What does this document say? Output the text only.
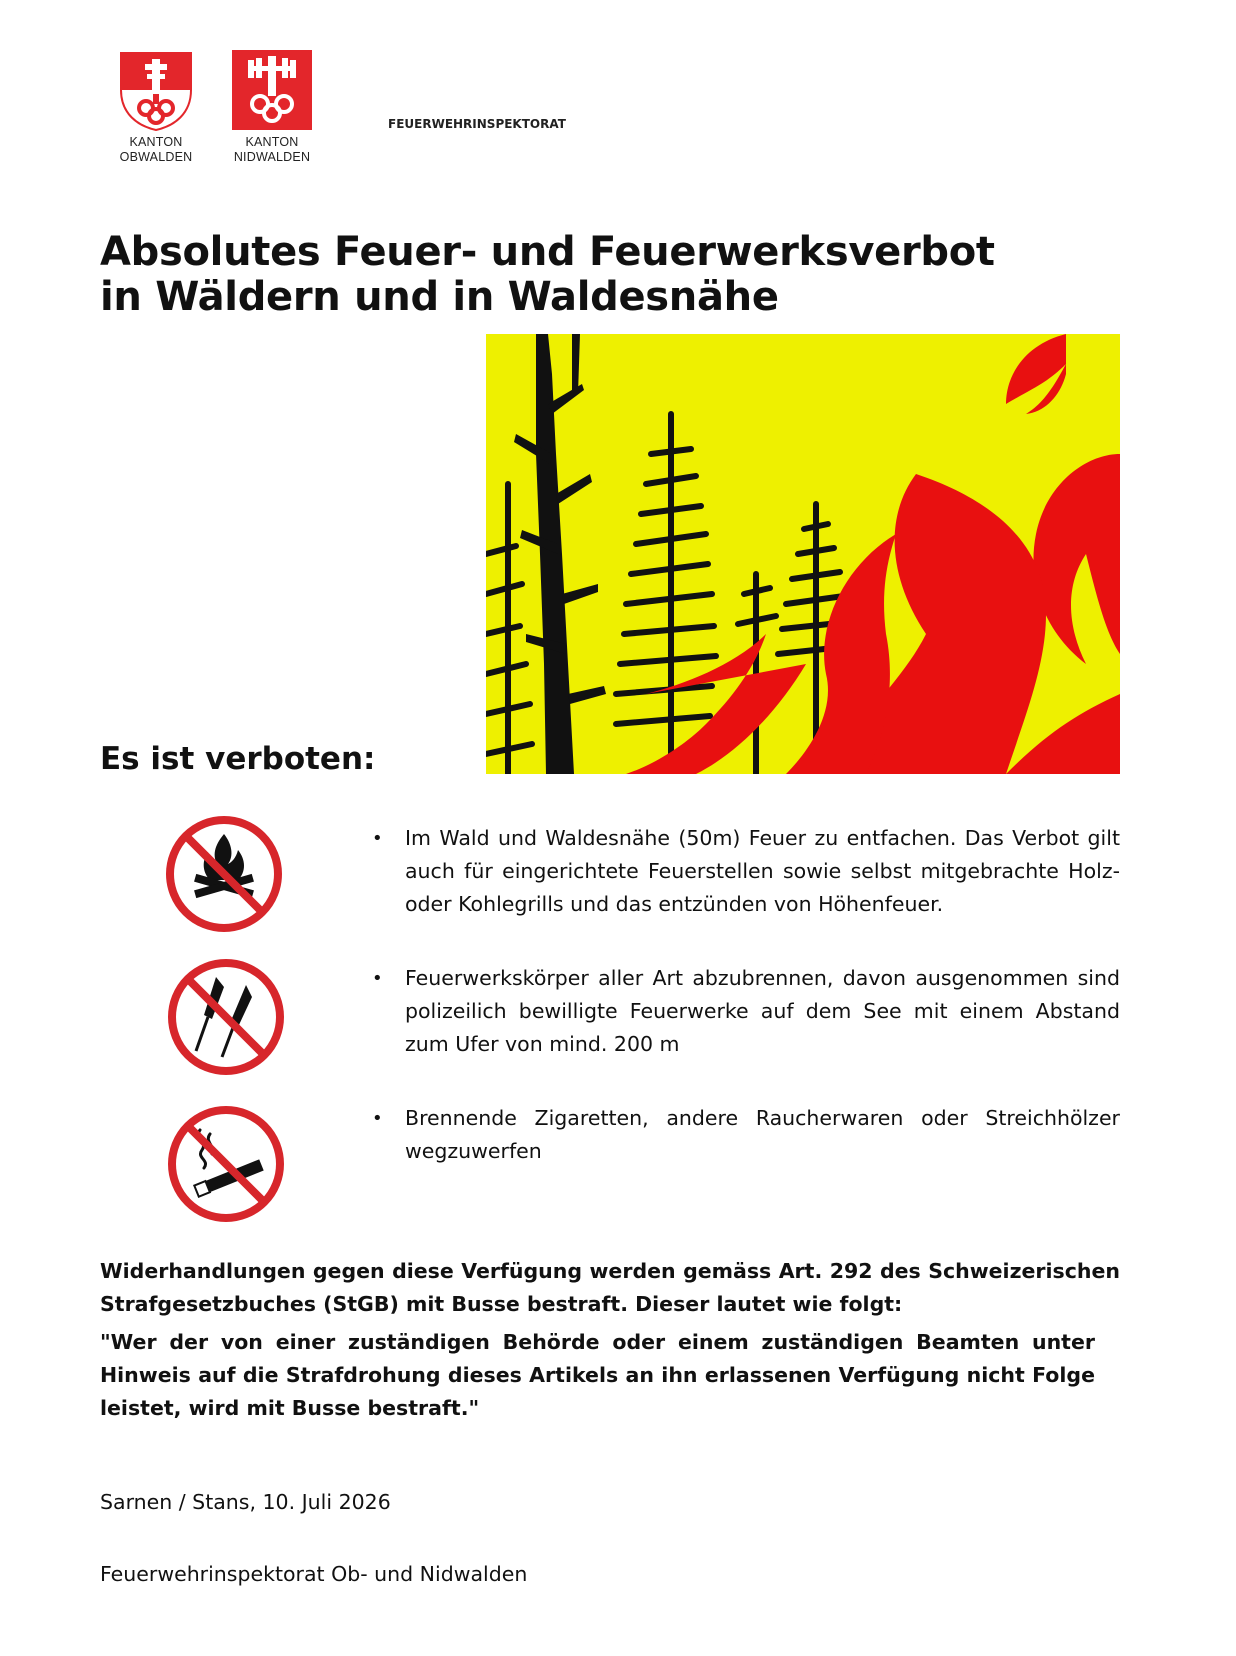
KANTON
OBWALDEN
KANTON
NIDWALDEN
FEUERWEHRINSPEKTORAT
Absolutes Feuer- und Feuerwerksverbot
in Wäldern und in Waldesnähe
Es ist verboten:
• Im Wald und Waldesnähe (50m) Feuer zu entfachen. Das Verbot gilt auch für eingerichtete Feuerstellen sowie selbst mitgebrachte Holz- oder Kohlegrills und das entzünden von Höhenfeuer.
• Feuerwerkskörper aller Art abzubrennen, davon ausgenommen sind polizeilich bewilligte Feuerwerke auf dem See mit einem Abstand zum Ufer von mind. 200 m
• Brennende Zigaretten, andere Raucherwaren oder Streichhölzer wegzuwerfen

Widerhandlungen gegen diese Verfügung werden gemäss Art. 292 des Schweizerischen Strafgesetzbuches (StGB) mit Busse bestraft. Dieser lautet wie folgt:

"Wer der von einer zuständigen Behörde oder einem zuständigen Beamten unter Hinweis auf die Strafdrohung dieses Artikels an ihn erlassenen Verfügung nicht Folge leistet, wird mit Busse bestraft."

Sarnen / Stans, 10. Juli 2026
Feuerwehrinspektorat Ob- und Nidwalden
